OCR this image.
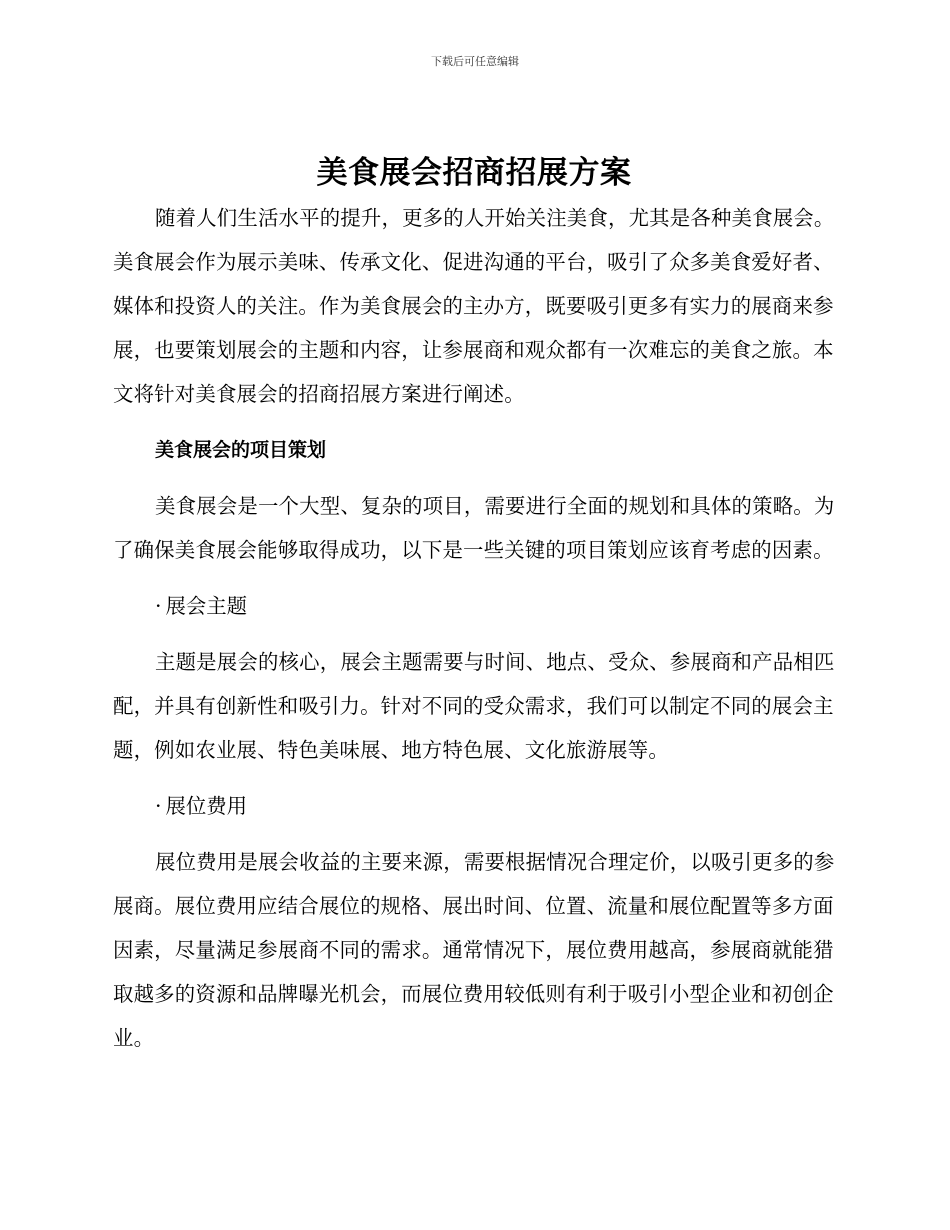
下载后可任意编辑
美食展会招商招展方案

随着人们生活水平的提升，更多的人开始关注美食，尤其是各种美食展会。美食展会作为展示美味、传承文化、促进沟通的平台，吸引了众多美食爱好者、媒体和投资人的关注。作为美食展会的主办方，既要吸引更多有实力的展商来参展，也要策划展会的主题和内容，让参展商和观众都有一次难忘的美食之旅。本文将针对美食展会的招商招展方案进行阐述。

美食展会的项目策划

美食展会是一个大型、复杂的项目，需要进行全面的规划和具体的策略。为了确保美食展会能够取得成功，以下是一些关键的项目策划应该育考虑的因素。

· 展会主题

主题是展会的核心，展会主题需要与时间、地点、受众、参展商和产品相匹配，并具有创新性和吸引力。针对不同的受众需求，我们可以制定不同的展会主题，例如农业展、特色美味展、地方特色展、文化旅游展等。

· 展位费用

展位费用是展会收益的主要来源，需要根据情况合理定价，以吸引更多的参展商。展位费用应结合展位的规格、展出时间、位置、流量和展位配置等多方面因素，尽量满足参展商不同的需求。通常情况下，展位费用越高，参展商就能猎取越多的资源和品牌曝光机会，而展位费用较低则有利于吸引小型企业和初创企业。
